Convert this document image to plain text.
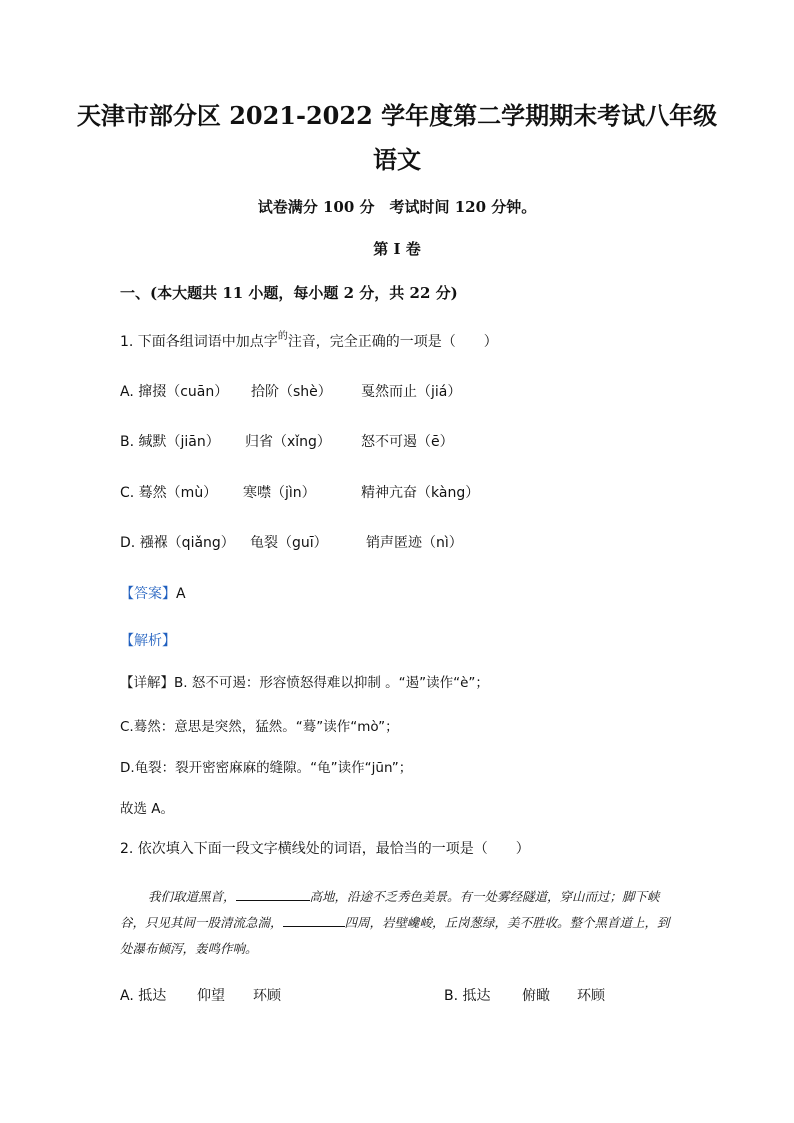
天津市部分区 2021-2022 学年度第二学期期末考试八年级
语文
试卷满分 100 分　考试时间 120 分钟。
第 I 卷
一、(本大题共 11 小题，每小题 2 分，共 22 分)
1. 下面各组词语中加点字$^的$注音，完全正确的一项是（　　）
A. 撺掇（cuān） 拾阶（shè） 戛然而止（jiá）
B. 缄默（jiān） 归省（xǐng） 怒不可遏（ē）
C. 蓦然（mù） 寒噤（jìn）	精神亢奋（kàng）
D. 襁褓（qiǎng） 龟裂（guī）	销声匿迹（nì）
【答案】A
【解析】
【详解】B. 怒不可遏：形容愤怒得难以抑制 。“遏”读作“è”；
C.蓦然：意思是突然，猛然。“蓦”读作“mò”；
D.龟裂：裂开密密麻麻的缝隙。“龟”读作“jūn”；
故选 A。
2. 依次填入下面一段文字横线处的词语，最恰当的一项是（　　）
我们取道黑首，	高地，沿途不乏秀色美景。有一处雾经隧道，穿山而过；脚下峡谷，只见其间一股清流急湍，	四周，岩壁巉峻，丘岗葱绿，美不胜收。整个黑首道上，到处瀑布倾泻，轰鸣作响。
A. 抵达 仰望 环顾	B. 抵达 俯瞰 环顾
